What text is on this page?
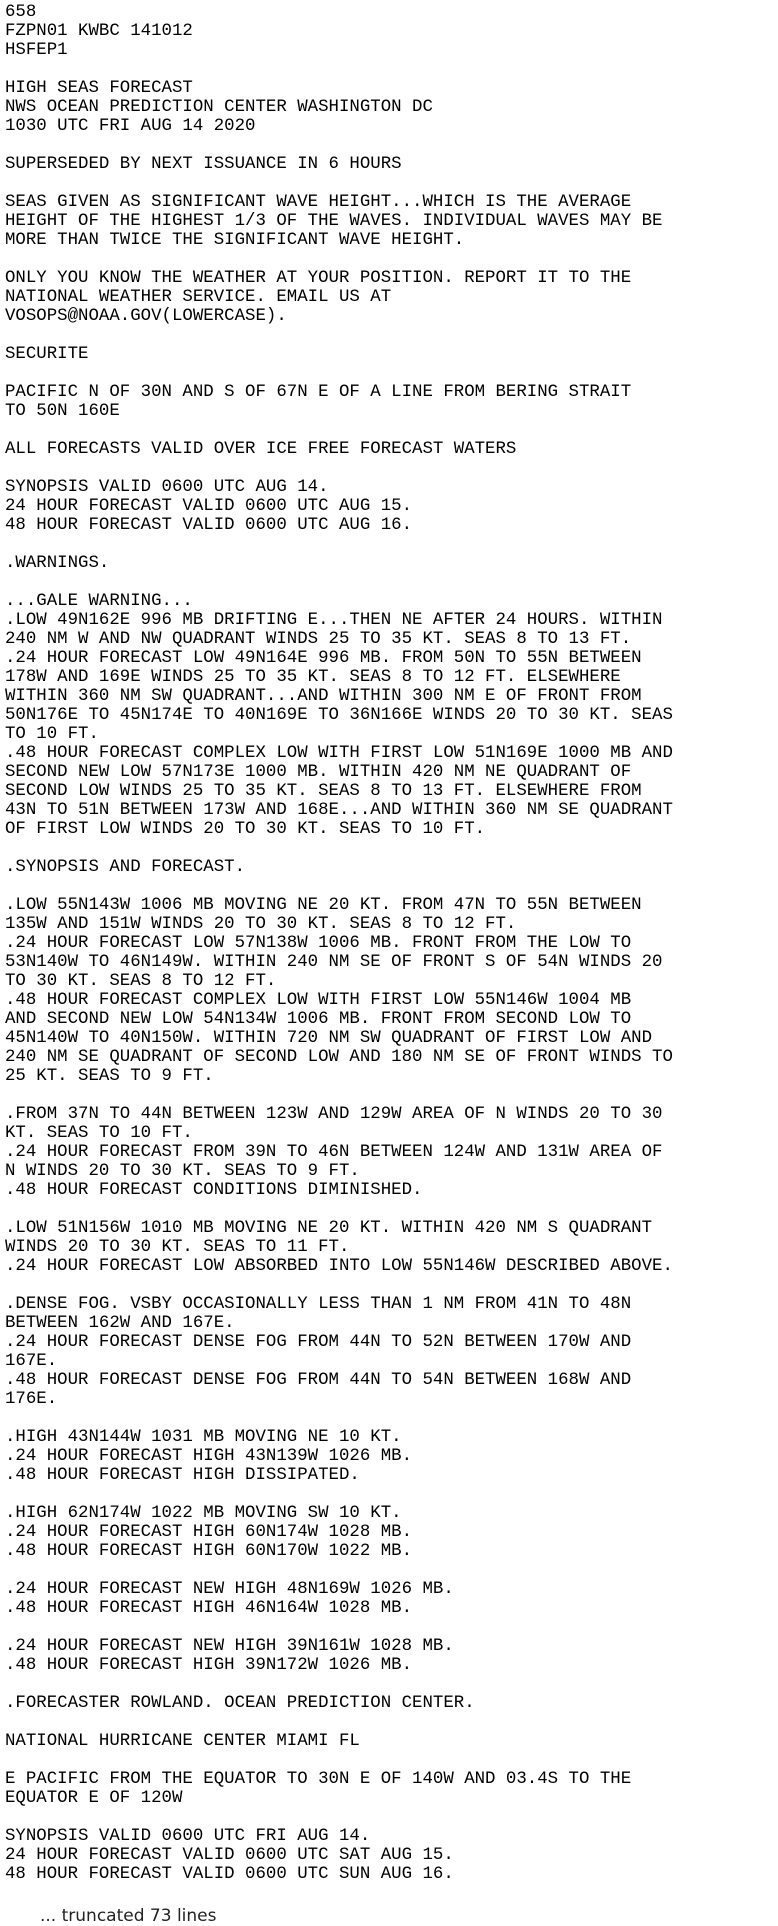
658
FZPN01 KWBC 141012
HSFEP1
HIGH SEAS FORECAST
NWS OCEAN PREDICTION CENTER WASHINGTON DC
1030 UTC FRI AUG 14 2020
SUPERSEDED BY NEXT ISSUANCE IN 6 HOURS
SEAS GIVEN AS SIGNIFICANT WAVE HEIGHT...WHICH IS THE AVERAGE
HEIGHT OF THE HIGHEST 1/3 OF THE WAVES. INDIVIDUAL WAVES MAY BE
MORE THAN TWICE THE SIGNIFICANT WAVE HEIGHT.
ONLY YOU KNOW THE WEATHER AT YOUR POSITION. REPORT IT TO THE
NATIONAL WEATHER SERVICE. EMAIL US AT
VOSOPS@NOAA.GOV(LOWERCASE).
SECURITE
PACIFIC N OF 30N AND S OF 67N E OF A LINE FROM BERING STRAIT
TO 50N 160E
ALL FORECASTS VALID OVER ICE FREE FORECAST WATERS
SYNOPSIS VALID 0600 UTC AUG 14.
24 HOUR FORECAST VALID 0600 UTC AUG 15.
48 HOUR FORECAST VALID 0600 UTC AUG 16.
.WARNINGS.
...GALE WARNING...
.LOW 49N162E 996 MB DRIFTING E...THEN NE AFTER 24 HOURS. WITHIN
240 NM W AND NW QUADRANT WINDS 25 TO 35 KT. SEAS 8 TO 13 FT.
.24 HOUR FORECAST LOW 49N164E 996 MB. FROM 50N TO 55N BETWEEN
178W AND 169E WINDS 25 TO 35 KT. SEAS 8 TO 12 FT. ELSEWHERE
WITHIN 360 NM SW QUADRANT...AND WITHIN 300 NM E OF FRONT FROM
50N176E TO 45N174E TO 40N169E TO 36N166E WINDS 20 TO 30 KT. SEAS
TO 10 FT.
.48 HOUR FORECAST COMPLEX LOW WITH FIRST LOW 51N169E 1000 MB AND
SECOND NEW LOW 57N173E 1000 MB. WITHIN 420 NM NE QUADRANT OF
SECOND LOW WINDS 25 TO 35 KT. SEAS 8 TO 13 FT. ELSEWHERE FROM
43N TO 51N BETWEEN 173W AND 168E...AND WITHIN 360 NM SE QUADRANT
OF FIRST LOW WINDS 20 TO 30 KT. SEAS TO 10 FT.
.SYNOPSIS AND FORECAST.
.LOW 55N143W 1006 MB MOVING NE 20 KT. FROM 47N TO 55N BETWEEN
135W AND 151W WINDS 20 TO 30 KT. SEAS 8 TO 12 FT.
.24 HOUR FORECAST LOW 57N138W 1006 MB. FRONT FROM THE LOW TO
53N140W TO 46N149W. WITHIN 240 NM SE OF FRONT S OF 54N WINDS 20
TO 30 KT. SEAS 8 TO 12 FT.
.48 HOUR FORECAST COMPLEX LOW WITH FIRST LOW 55N146W 1004 MB
AND SECOND NEW LOW 54N134W 1006 MB. FRONT FROM SECOND LOW TO
45N140W TO 40N150W. WITHIN 720 NM SW QUADRANT OF FIRST LOW AND
240 NM SE QUADRANT OF SECOND LOW AND 180 NM SE OF FRONT WINDS TO
25 KT. SEAS TO 9 FT.
.FROM 37N TO 44N BETWEEN 123W AND 129W AREA OF N WINDS 20 TO 30
KT. SEAS TO 10 FT.
.24 HOUR FORECAST FROM 39N TO 46N BETWEEN 124W AND 131W AREA OF
N WINDS 20 TO 30 KT. SEAS TO 9 FT.
.48 HOUR FORECAST CONDITIONS DIMINISHED.
.LOW 51N156W 1010 MB MOVING NE 20 KT. WITHIN 420 NM S QUADRANT
WINDS 20 TO 30 KT. SEAS TO 11 FT.
.24 HOUR FORECAST LOW ABSORBED INTO LOW 55N146W DESCRIBED ABOVE.
.DENSE FOG. VSBY OCCASIONALLY LESS THAN 1 NM FROM 41N TO 48N
BETWEEN 162W AND 167E.
.24 HOUR FORECAST DENSE FOG FROM 44N TO 52N BETWEEN 170W AND
167E.
.48 HOUR FORECAST DENSE FOG FROM 44N TO 54N BETWEEN 168W AND
176E.
.HIGH 43N144W 1031 MB MOVING NE 10 KT.
.24 HOUR FORECAST HIGH 43N139W 1026 MB.
.48 HOUR FORECAST HIGH DISSIPATED.
.HIGH 62N174W 1022 MB MOVING SW 10 KT.
.24 HOUR FORECAST HIGH 60N174W 1028 MB.
.48 HOUR FORECAST HIGH 60N170W 1022 MB.
.24 HOUR FORECAST NEW HIGH 48N169W 1026 MB.
.48 HOUR FORECAST HIGH 46N164W 1028 MB.
.24 HOUR FORECAST NEW HIGH 39N161W 1028 MB.
.48 HOUR FORECAST HIGH 39N172W 1026 MB.
.FORECASTER ROWLAND. OCEAN PREDICTION CENTER.
NATIONAL HURRICANE CENTER MIAMI FL
E PACIFIC FROM THE EQUATOR TO 30N E OF 140W AND 03.4S TO THE
EQUATOR E OF 120W
SYNOPSIS VALID 0600 UTC FRI AUG 14.
24 HOUR FORECAST VALID 0600 UTC SAT AUG 15.
48 HOUR FORECAST VALID 0600 UTC SUN AUG 16.
... truncated 73 lines
